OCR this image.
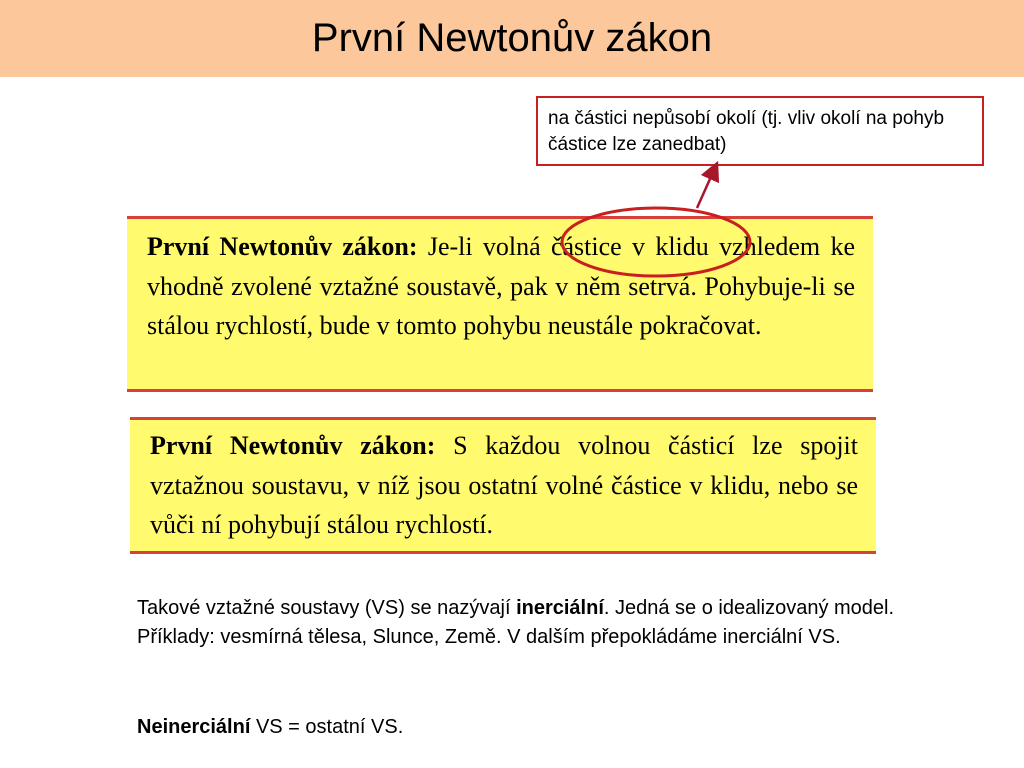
První Newtonův zákon
na částici nepůsobí okolí (tj. vliv okolí na pohyb částice lze zanedbat)
První Newtonův zákon: Je-li volná částice v klidu vzhledem ke vhodně zvolené vztažné soustavě, pak v něm setrvá. Pohybuje-li se stálou rychlostí, bude v tomto pohybu neustále pokračovat.
První Newtonův zákon: S každou volnou částicí lze spojit vztažnou soustavu, v níž jsou ostatní volné částice v klidu, nebo se vůči ní pohybují stálou rychlostí.
Takové vztažné soustavy (VS) se nazývají inerciální. Jedná se o idealizovaný model. Příklady: vesmírná tělesa, Slunce, Země. V dalším přepokládáme inerciální VS.
Neinerciální VS = ostatní VS.
